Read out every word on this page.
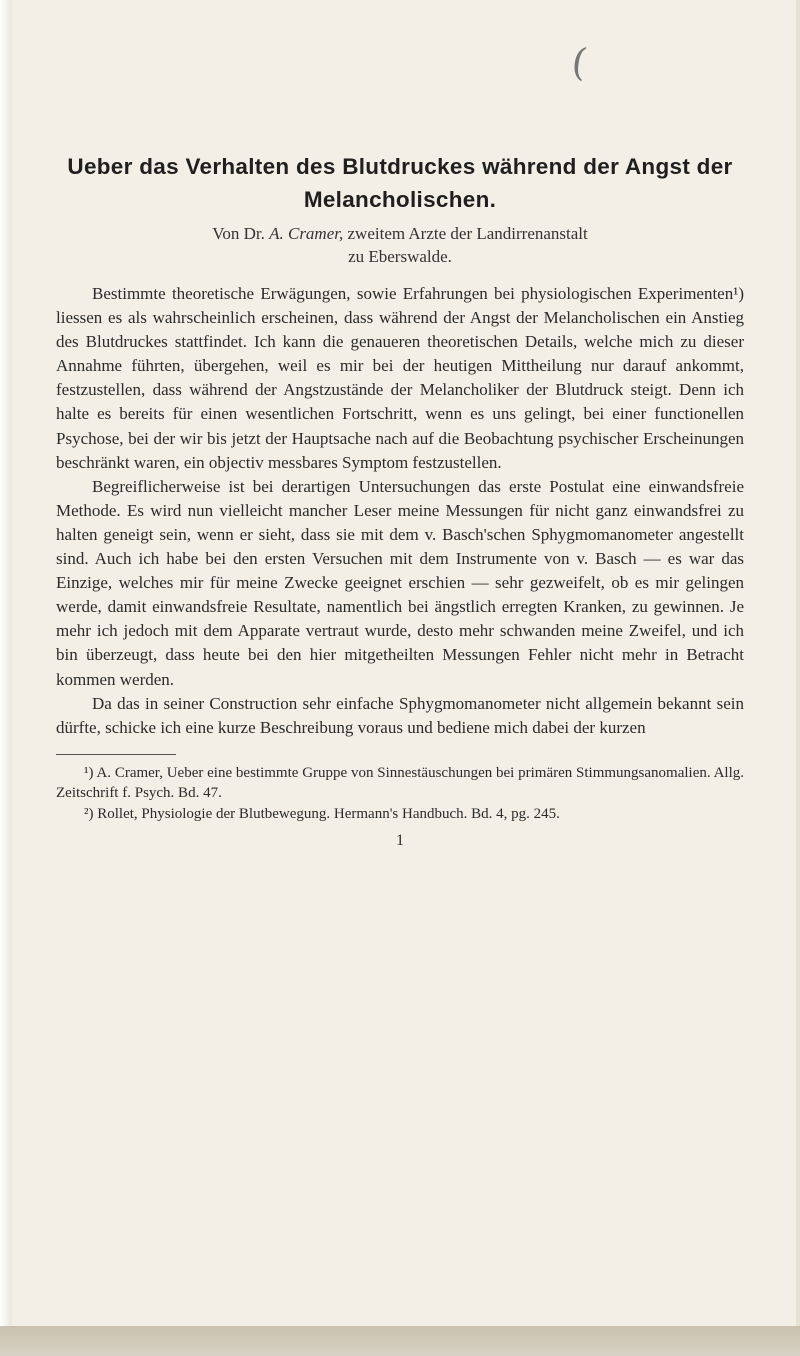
(
Ueber das Verhalten des Blutdruckes während der Angst der Melancholischen.

Von Dr. A. Cramer, zweitem Arzte der Landirrenanstalt

zu Eberswalde.

Bestimmte theoretische Erwägungen, sowie Erfahrungen bei physiologischen Experimenten¹) liessen es als wahrscheinlich erscheinen, dass während der Angst der Melancholischen ein Anstieg des Blutdruckes stattfindet. Ich kann die genaueren theoretischen Details, welche mich zu dieser Annahme führten, übergehen, weil es mir bei der heutigen Mittheilung nur darauf ankommt, festzustellen, dass während der Angstzustände der Melancholiker der Blutdruck steigt. Denn ich halte es bereits für einen wesentlichen Fortschritt, wenn es uns gelingt, bei einer functionellen Psychose, bei der wir bis jetzt der Hauptsache nach auf die Beobachtung psychischer Erscheinungen beschränkt waren, ein objectiv messbares Symptom festzustellen.

Begreiflicherweise ist bei derartigen Untersuchungen das erste Postulat eine einwandsfreie Methode. Es wird nun vielleicht mancher Leser meine Messungen für nicht ganz einwandsfrei zu halten geneigt sein, wenn er sieht, dass sie mit dem v. Basch'schen Sphygmomanometer angestellt sind. Auch ich habe bei den ersten Versuchen mit dem Instrumente von v. Basch — es war das Einzige, welches mir für meine Zwecke geeignet erschien — sehr gezweifelt, ob es mir gelingen werde, damit einwandsfreie Resultate, namentlich bei ängstlich erregten Kranken, zu gewinnen. Je mehr ich jedoch mit dem Apparate vertraut wurde, desto mehr schwanden meine Zweifel, und ich bin überzeugt, dass heute bei den hier mitgetheilten Messungen Fehler nicht mehr in Betracht kommen werden.

Da das in seiner Construction sehr einfache Sphygmomanometer nicht allgemein bekannt sein dürfte, schicke ich eine kurze Beschreibung voraus und bediene mich dabei der kurzen

¹) A. Cramer, Ueber eine bestimmte Gruppe von Sinnestäuschungen bei primären Stimmungsanomalien. Allg. Zeitschrift f. Psych. Bd. 47.

²) Rollet, Physiologie der Blutbewegung. Hermann's Handbuch. Bd. 4, pg. 245.

1
